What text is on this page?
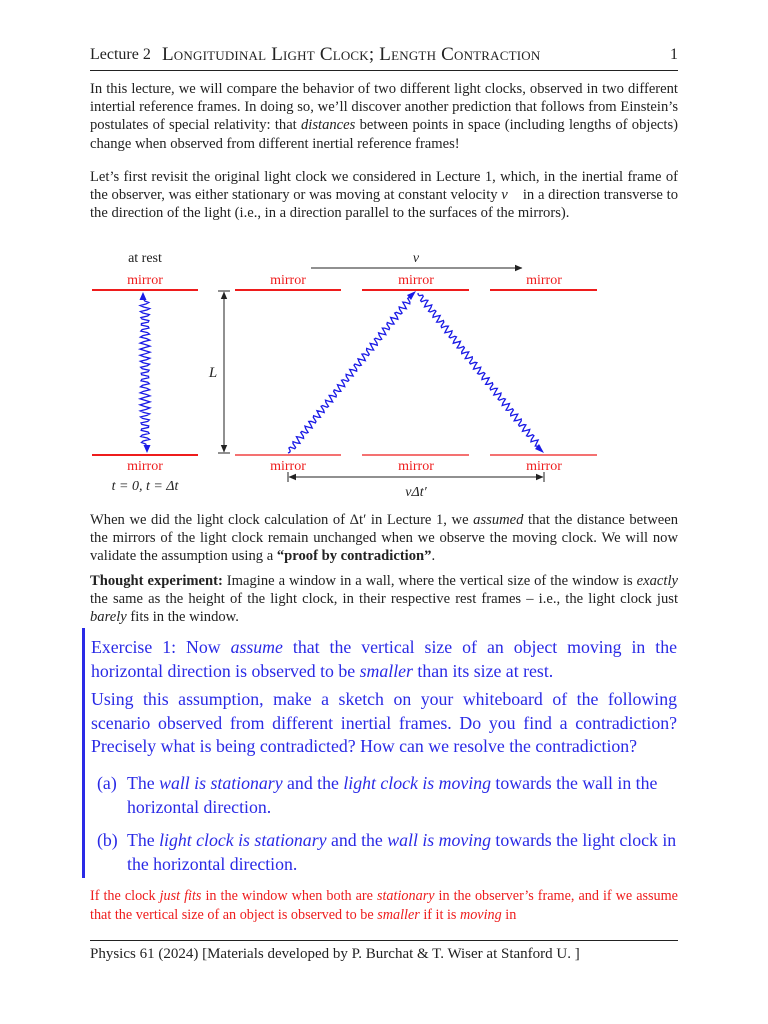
Lecture 2 Longitudinal Light Clock; Length Contraction	1
In this lecture, we will compare the behavior of two different light clocks, observed in two different intertial reference frames. In doing so, we’ll discover another prediction that follows from Einstein’s postulates of special relativity: that distances between points in space (including lengths of objects) change when observed from different inertial reference frames!
Let’s first revisit the original light clock we considered in Lecture 1, which, in the inertial frame of the observer, was either stationary or was moving at constant velocity v⃗ in a direction transverse to the direction of the light (i.e., in a direction parallel to the surfaces of the mirrors).
mirror	mirror	mirror	mirror
mirror	mirror	mirror	mirror
at rest	v
L
t = 0, t = Δt	vΔt′
When we did the light clock calculation of Δt′ in Lecture 1, we assumed that the distance between the mirrors of the light clock remain unchanged when we observe the moving clock. We will now validate the assumption using a “proof by contradiction”.
Thought experiment: Imagine a window in a wall, where the vertical size of the window is exactly the same as the height of the light clock, in their respective rest frames – i.e., the light clock just barely fits in the window.
Exercise 1: Now assume that the vertical size of an object moving in the horizontal direction is observed to be smaller than its size at rest.
Using this assumption, make a sketch on your whiteboard of the following scenario observed from different inertial frames. Do you find a contradiction? Precisely what is being contradicted? How can we resolve the contradiction?
(a) The wall is stationary and the light clock is moving towards the wall in the horizontal direction.
(b) The light clock is stationary and the wall is moving towards the light clock in the horizontal direction.
If the clock just fits in the window when both are stationary in the observer’s frame, and if we assume that the vertical size of an object is observed to be smaller if it is moving in
Physics 61 (2024) [Materials developed by P. Burchat & T. Wiser at Stanford U. ]
